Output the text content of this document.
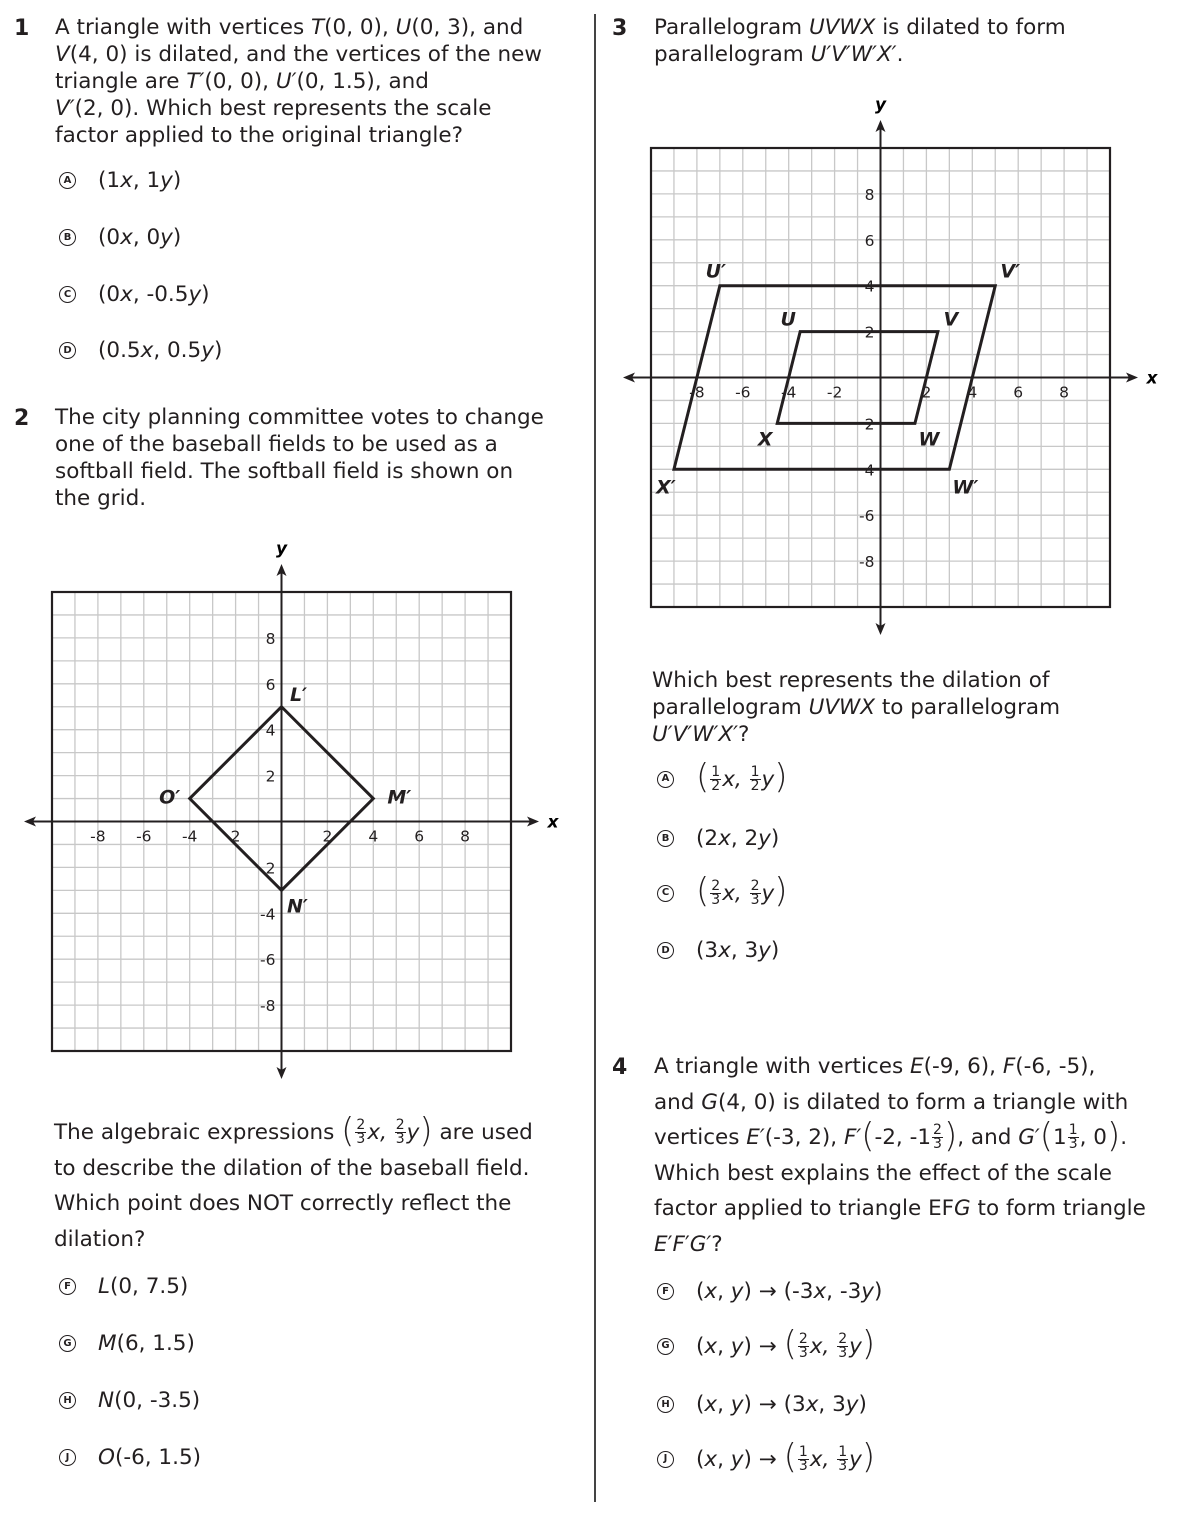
1 A triangle with vertices T(0, 0), U(0, 3), and
V(4, 0) is dilated, and the vertices of the new
triangle are T′(0, 0), U′(0, 1.5), and
V′(2, 0). Which best represents the scale
factor applied to the original triangle?
A (1x, 1y)
B (0x, 0y)
C (0x, -0.5y)
D (0.5x, 0.5y)
2 The city planning committee votes to change
one of the baseball fields to be used as a
softball field. The softball field is shown on
the grid.
x
y
-8 -6 -4 2	2 4 6 8
8
6
4
2
2
-4
-6
-8
L′
M′
N′
O′
The algebraic expressions ( $\frac{2}{3} x$, $\frac{2}{3}$ y ) are used
to describe the dilation of the baseball field.
Which point does NOT correctly reflect the
dilation?
F L (0, 7.5)
G M (6, 1.5)
H N (0, -3.5)
J	O (-6, 1.5)
3 Parallelogram UVWX is dilated to form
parallelogram U′V′W′X′.
x
y
-8 -6 -4 -2	2 4 6 8
8
6
4
2
2
4
-6
-8
U′	V′
W′
X′
U	V
W
X
Which best represents the dilation of
parallelogram UVWX to parallelogram
U′V′W′X′?
A ( $\frac{1}{2} x$, $\frac{1}{2}$ y )
B (2 x , 2 y )
C ( $\frac{2}{3} x$, $\frac{2}{3}$ y )
D (3 x , 3 y )
4 A triangle with vertices E(-9, 6), F(-6, -5),
and G(4, 0) is dilated to form a triangle with
vertices E′(-3, 2), F′ ( -2, $-1 \frac{2}{3}$ ) , and G′ ( $1 \frac{1}{3}$ , 0 ) .
Which best explains the effect of the scale
factor applied to triangle EFG to form triangle
E′F′G′?
F (x, y) → (-3x, -3y)
G (x, y) → ( $\frac{2}{3} x$, $\frac{2}{3}$ y )
H (x, y) → (3x, 3y)
J	(x, y) → ( $\frac{1}{3} x$, $\frac{1}{3}$ y )
